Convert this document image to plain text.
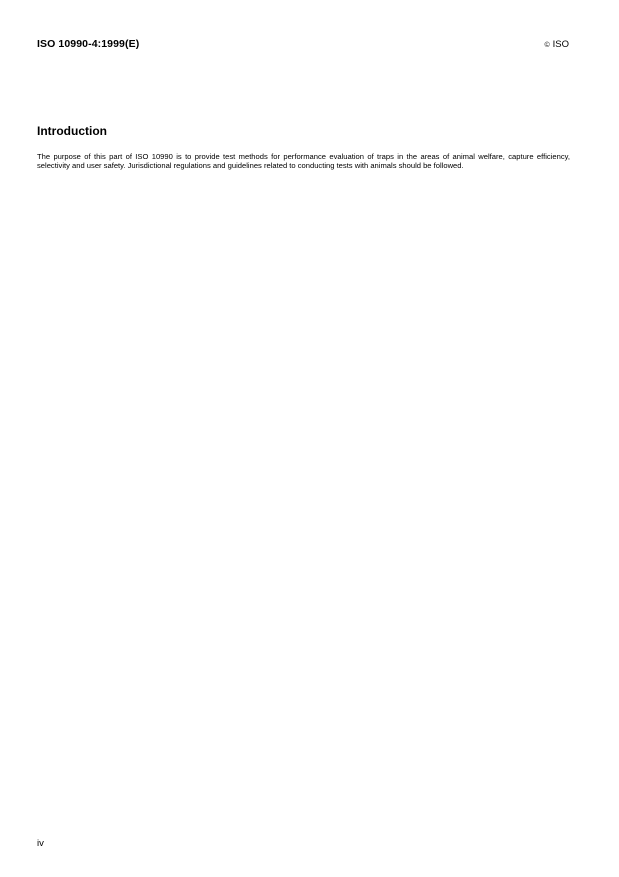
ISO 10990-4:1999(E)	© ISO
Introduction

The purpose of this part of ISO 10990 is to provide test methods for performance evaluation of traps in the areas of animal welfare, capture efficiency, selectivity and user safety. Jurisdictional regulations and guidelines related to conducting tests with animals should be followed.

iv
